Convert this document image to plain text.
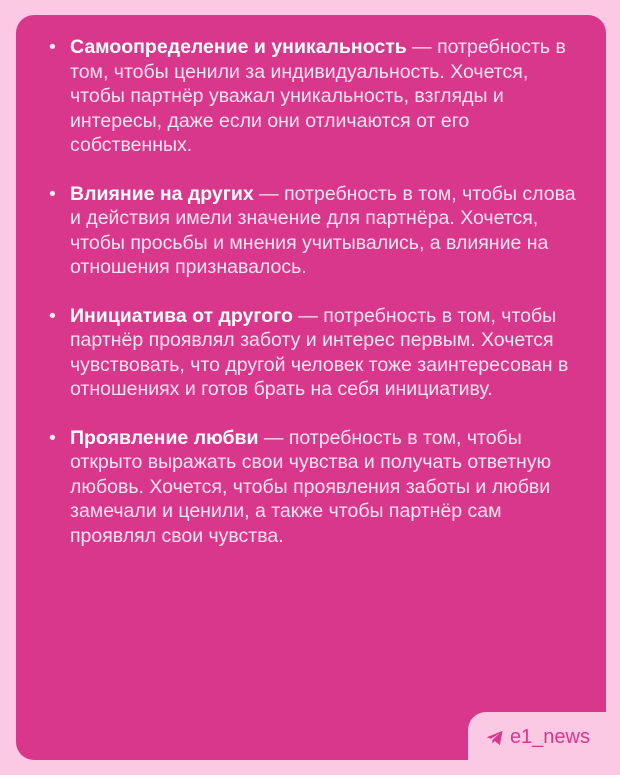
• Самоопределение и уникальность — потребность в том, чтобы ценили за индивидуальность. Хочется, чтобы партнёр уважал уникальность, взгляды и интересы, даже если они отличаются от его собственных.
• Влияние на других — потребность в том, чтобы слова и действия имели значение для партнёра. Хочется, чтобы просьбы и мнения учитывались, а влияние на отношения признавалось.
• Инициатива от другого — потребность в том, чтобы партнёр проявлял заботу и интерес первым. Хочется чувствовать, что другой человек тоже заинтересован в отношениях и готов брать на себя инициативу.
• Проявление любви — потребность в том, чтобы открыто выражать свои чувства и получать ответную любовь. Хочется, чтобы проявления заботы и любви замечали и ценили, а также чтобы партнёр сам проявлял свои чувства.
e1_news
